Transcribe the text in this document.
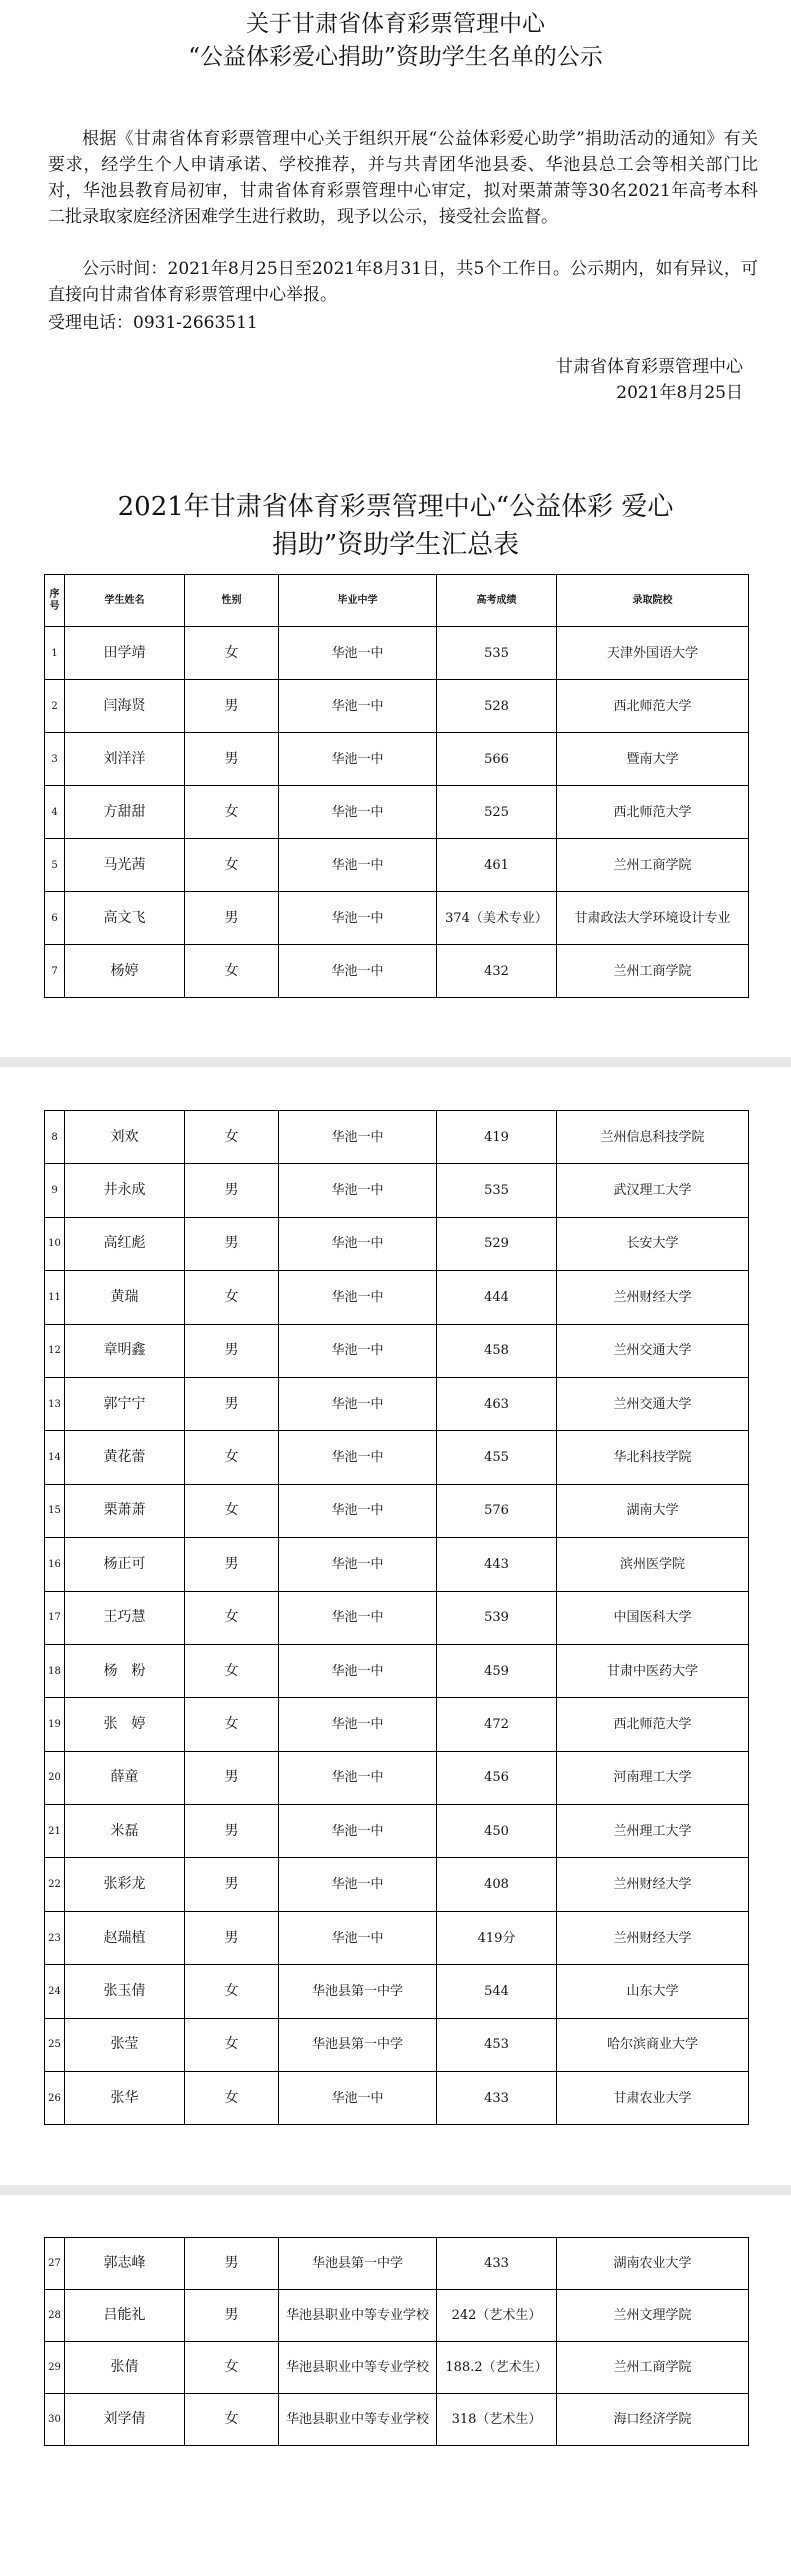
关于甘肃省体育彩票管理中心
“公益体彩爱心捐助”资助学生名单的公示
根据《甘肃省体育彩票管理中心关于组织开展“公益体彩爱心助学”捐助活动的通知》有关要求，经学生个人申请承诺、学校推荐，并与共青团华池县委、华池县总工会等相关部门比对，华池县教育局初审，甘肃省体育彩票管理中心审定，拟对栗萧萧等30名2021年高考本科二批录取家庭经济困难学生进行救助，现予以公示，接受社会监督。
公示时间：2021年8月25日至2021年8月31日，共5个工作日。公示期内，如有异议，可直接向甘肃省体育彩票管理中心举报。
受理电话：0931-2663511
甘肃省体育彩票管理中心
2021年8月25日
2021年甘肃省体育彩票管理中心“公益体彩 爱心
捐助”资助学生汇总表
序号	学生姓名	性别	毕业中学	高考成绩	录取院校
1	田学靖	女	华池一中	535	天津外国语大学
2	闫海贤	男	华池一中	528	西北师范大学
3	刘洋洋	男	华池一中	566	暨南大学
4	方甜甜	女	华池一中	525	西北师范大学
5	马光茜	女	华池一中	461	兰州工商学院
6	高文飞	男	华池一中	374（美术专业）	甘肃政法大学环境设计专业
7	杨婷	女	华池一中	432	兰州工商学院
8	刘欢	女	华池一中	419	兰州信息科技学院
9	井永成	男	华池一中	535	武汉理工大学
10	高红彪	男	华池一中	529	长安大学
11	黄瑞	女	华池一中	444	兰州财经大学
12	章明鑫	男	华池一中	458	兰州交通大学
13	郭宁宁	男	华池一中	463	兰州交通大学
14	黄花蕾	女	华池一中	455	华北科技学院
15	栗萧萧	女	华池一中	576	湖南大学
16	杨正可	男	华池一中	443	滨州医学院
17	王巧慧	女	华池一中	539	中国医科大学
18	杨　粉	女	华池一中	459	甘肃中医药大学
19	张　婷	女	华池一中	472	西北师范大学
20	薛童	男	华池一中	456	河南理工大学
21	米磊	男	华池一中	450	兰州理工大学
22	张彩龙	男	华池一中	408	兰州财经大学
23	赵瑞植	男	华池一中	419分	兰州财经大学
24	张玉倩	女	华池县第一中学	544	山东大学
25	张莹	女	华池县第一中学	453	哈尔滨商业大学
26	张华	女	华池一中	433	甘肃农业大学
27	郭志峰	男	华池县第一中学	433	湖南农业大学
28	吕能礼	男	华池县职业中等专业学校	242（艺术生）	兰州文理学院
29	张倩	女	华池县职业中等专业学校	188.2（艺术生）	兰州工商学院
30	刘学倩	女	华池县职业中等专业学校	318（艺术生）	海口经济学院
